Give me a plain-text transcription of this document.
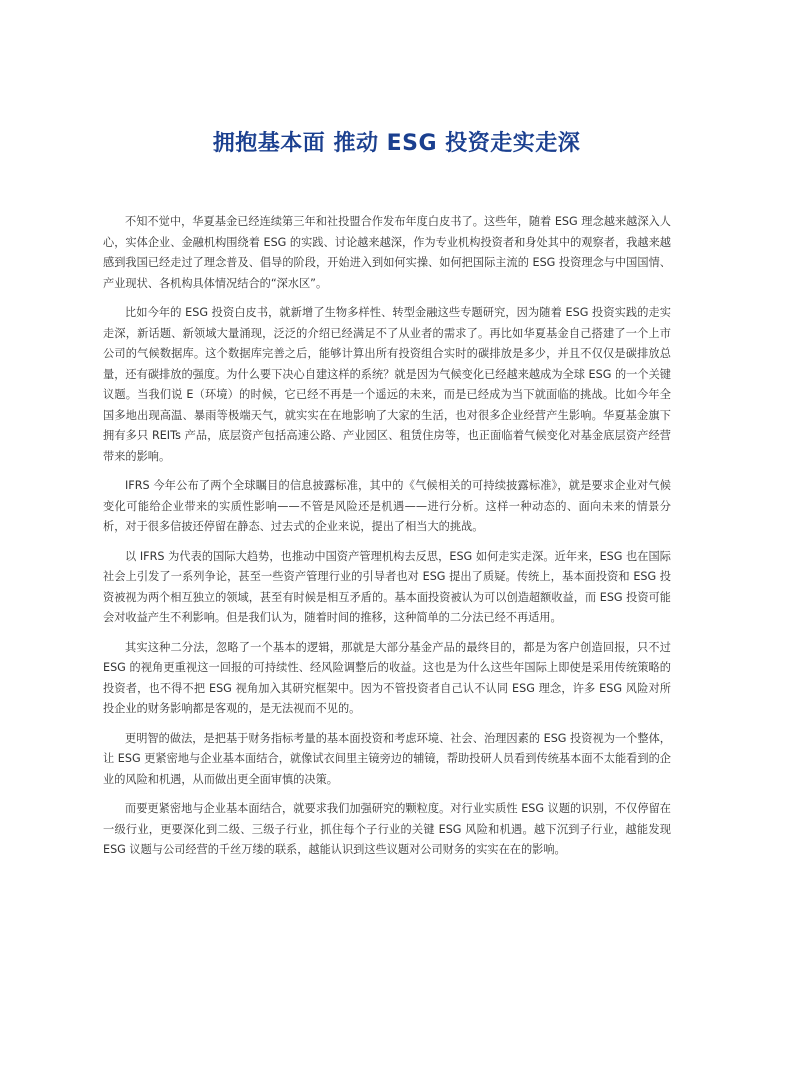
拥抱基本面 推动 ESG 投资走实走深

不知不觉中，华夏基金已经连续第三年和社投盟合作发布年度白皮书了。这些年，随着 ESG 理念越来越深入人心，实体企业、金融机构围绕着 ESG 的实践、讨论越来越深，作为专业机构投资者和身处其中的观察者，我越来越感到我国已经走过了理念普及、倡导的阶段，开始进入到如何实操、如何把国际主流的 ESG 投资理念与中国国情、产业现状、各机构具体情况结合的“深水区”。

比如今年的 ESG 投资白皮书，就新增了生物多样性、转型金融这些专题研究，因为随着 ESG 投资实践的走实走深，新话题、新领域大量涌现，泛泛的介绍已经满足不了从业者的需求了。再比如华夏基金自己搭建了一个上市公司的气候数据库。这个数据库完善之后，能够计算出所有投资组合实时的碳排放是多少，并且不仅仅是碳排放总量，还有碳排放的强度。为什么要下决心自建这样的系统？就是因为气候变化已经越来越成为全球 ESG 的一个关键议题。当我们说 E（环境）的时候，它已经不再是一个遥远的未来，而是已经成为当下就面临的挑战。比如今年全国多地出现高温、暴雨等极端天气，就实实在在地影响了大家的生活，也对很多企业经营产生影响。华夏基金旗下拥有多只 REITs 产品，底层资产包括高速公路、产业园区、租赁住房等，也正面临着气候变化对基金底层资产经营带来的影响。

IFRS 今年公布了两个全球瞩目的信息披露标准，其中的《气候相关的可持续披露标准》，就是要求企业对气候变化可能给企业带来的实质性影响——不管是风险还是机遇——进行分析。这样一种动态的、面向未来的情景分析，对于很多信披还停留在静态、过去式的企业来说，提出了相当大的挑战。

以 IFRS 为代表的国际大趋势，也推动中国资产管理机构去反思，ESG 如何走实走深。近年来，ESG 也在国际社会上引发了一系列争论，甚至一些资产管理行业的引导者也对 ESG 提出了质疑。传统上，基本面投资和 ESG 投资被视为两个相互独立的领域，甚至有时候是相互矛盾的。基本面投资被认为可以创造超额收益，而 ESG 投资可能会对收益产生不利影响。但是我们认为，随着时间的推移，这种简单的二分法已经不再适用。

其实这种二分法，忽略了一个基本的逻辑，那就是大部分基金产品的最终目的，都是为客户创造回报，只不过 ESG 的视角更重视这一回报的可持续性、经风险调整后的收益。这也是为什么这些年国际上即使是采用传统策略的投资者，也不得不把 ESG 视角加入其研究框架中。因为不管投资者自己认不认同 ESG 理念，许多 ESG 风险对所投企业的财务影响都是客观的，是无法视而不见的。

更明智的做法，是把基于财务指标考量的基本面投资和考虑环境、社会、治理因素的 ESG 投资视为一个整体，让 ESG 更紧密地与企业基本面结合，就像试衣间里主镜旁边的辅镜，帮助投研人员看到传统基本面不太能看到的企业的风险和机遇，从而做出更全面审慎的决策。

而要更紧密地与企业基本面结合，就要求我们加强研究的颗粒度。对行业实质性 ESG 议题的识别，不仅停留在一级行业，更要深化到二级、三级子行业，抓住每个子行业的关键 ESG 风险和机遇。越下沉到子行业，越能发现 ESG 议题与公司经营的千丝万缕的联系，越能认识到这些议题对公司财务的实实在在的影响。
